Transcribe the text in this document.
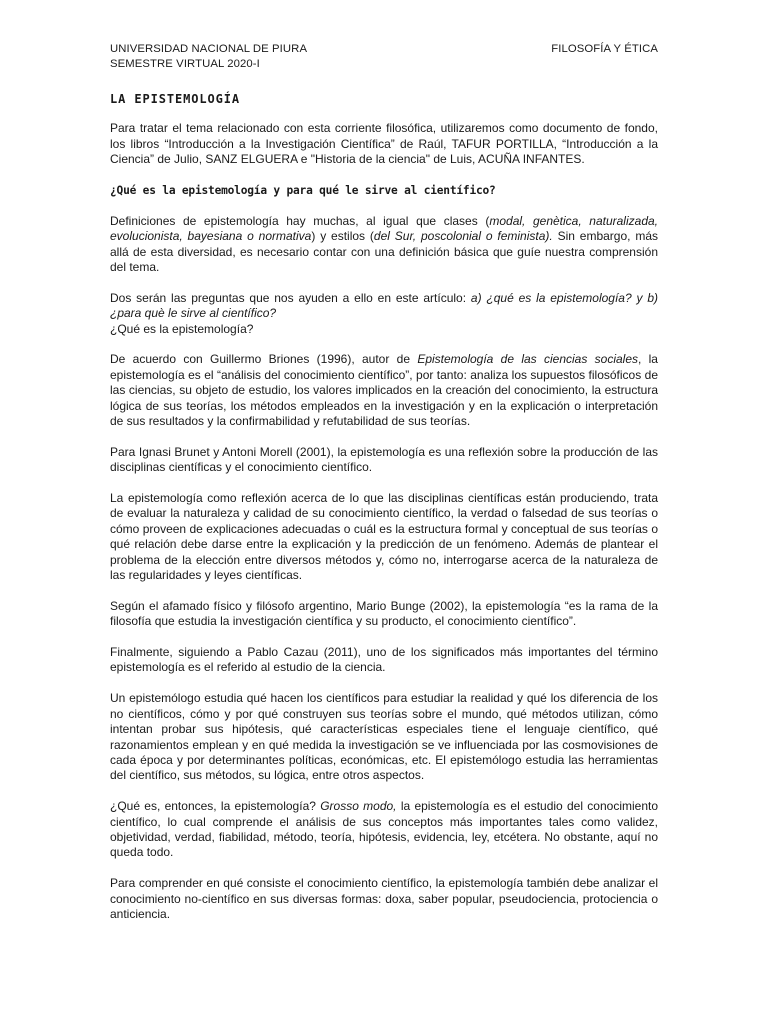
UNIVERSIDAD NACIONAL DE PIURA
SEMESTRE VIRTUAL 2020-I
FILOSOFÍA Y ÉTICA
LA EPISTEMOLOGÍA

Para tratar el tema relacionado con esta corriente filosófica, utilizaremos como documento de fondo, los libros “Introducción a la Investigación Científica” de Raúl, TAFUR PORTILLA, “Introducción a la Ciencia” de Julio, SANZ ELGUERA e "Historia de la ciencia" de Luis, ACUÑA INFANTES.

¿Qué es la epistemología y para qué le sirve al científico?

Definiciones de epistemología hay muchas, al igual que clases (modal, genètica, naturalizada, evolucionista, bayesiana o normativa) y estilos (del Sur, poscolonial o feminista). Sin embargo, más allá de esta diversidad, es necesario contar con una definición básica que guíe nuestra comprensión del tema.

Dos serán las preguntas que nos ayuden a ello en este artículo: a) ¿qué es la epistemología? y b) ¿para què le sirve al científico?

¿Qué es la epistemología?

De acuerdo con Guillermo Briones (1996), autor de Epistemología de las ciencias sociales, la epistemología es el “análisis del conocimiento científico”, por tanto: analiza los supuestos filosóficos de las ciencias, su objeto de estudio, los valores implicados en la creación del conocimiento, la estructura lógica de sus teorías, los métodos empleados en la investigación y en la explicación o interpretación de sus resultados y la confirmabilidad y refutabilidad de sus teorías.

Para Ignasi Brunet y Antoni Morell (2001), la epistemología es una reflexión sobre la producción de las disciplinas científicas y el conocimiento científico.

La epistemología como reflexión acerca de lo que las disciplinas científicas están produciendo, trata de evaluar la naturaleza y calidad de su conocimiento científico, la verdad o falsedad de sus teorías o cómo proveen de explicaciones adecuadas o cuál es la estructura formal y conceptual de sus teorías o qué relación debe darse entre la explicación y la predicción de un fenómeno. Además de plantear el problema de la elección entre diversos métodos y, cómo no, interrogarse acerca de la naturaleza de las regularidades y leyes científicas.

Según el afamado físico y filósofo argentino, Mario Bunge (2002), la epistemología “es la rama de la filosofía que estudia la investigación científica y su producto, el conocimiento científico”.

Finalmente, siguiendo a Pablo Cazau (2011), uno de los significados más importantes del término epistemología es el referido al estudio de la ciencia.

Un epistemólogo estudia qué hacen los científicos para estudiar la realidad y qué los diferencia de los no científicos, cómo y por qué construyen sus teorías sobre el mundo, qué métodos utilizan, cómo intentan probar sus hipótesis, qué características especiales tiene el lenguaje científico, qué razonamientos emplean y en qué medida la investigación se ve influenciada por las cosmovisiones de cada época y por determinantes políticas, económicas, etc. El epistemólogo estudia las herramientas del científico, sus métodos, su lógica, entre otros aspectos.

¿Qué es, entonces, la epistemología? Grosso modo, la epistemología es el estudio del conocimiento científico, lo cual comprende el análisis de sus conceptos más importantes tales como validez, objetividad, verdad, fiabilidad, método, teoría, hipótesis, evidencia, ley, etcétera. No obstante, aquí no queda todo.

Para comprender en qué consiste el conocimiento científico, la epistemología también debe analizar el conocimiento no-científico en sus diversas formas: doxa, saber popular, pseudociencia, protociencia o anticiencia.
